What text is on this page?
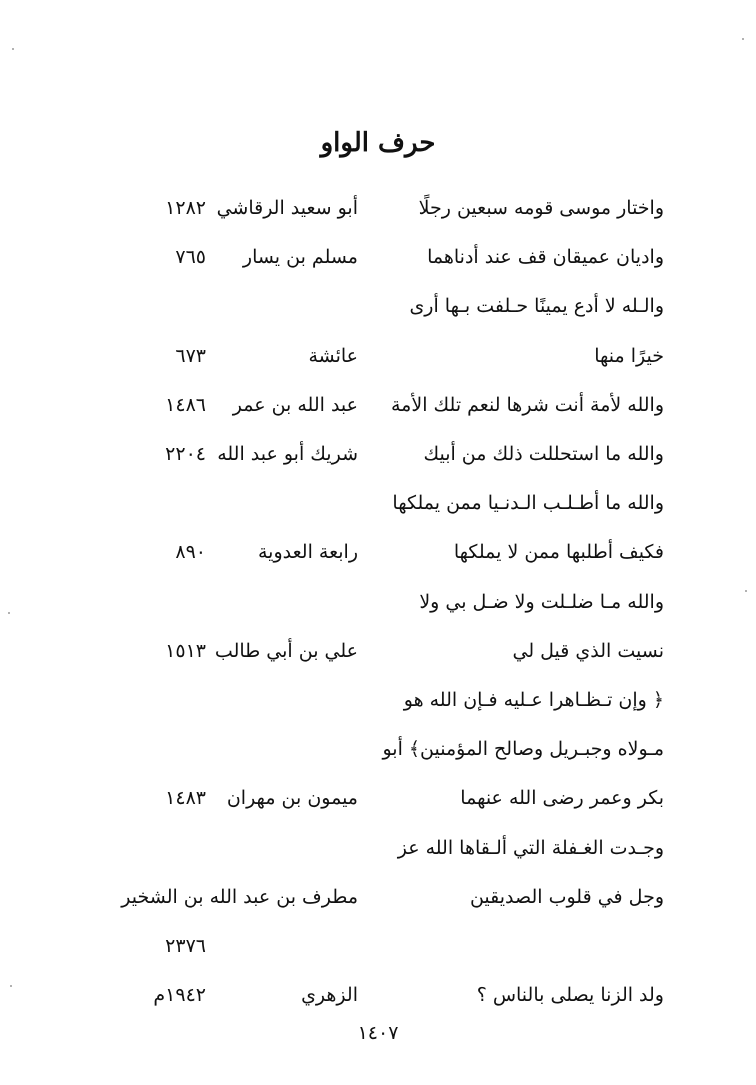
حرف الواو
واختار موسى قومه سبعين رجلًا
أبو سعيد الرقاشي
١٢٨٢
واديان عميقان قف عند أدناهما
مسلم بن يسار
٧٦٥
والـله لا أدع يمينًا حـلفت بـها أرى
خيرًا منها
عائشة
٦٧٣
والله لأمة أنت شرها لنعم تلك الأمة
عبد الله بن عمر
١٤٨٦
والله ما استحللت ذلك من أبيك
شريك أبو عبد الله
٢٢٠٤
والله ما أطـلـب الـدنـيا ممن يملكها
فكيف أطلبها ممن لا يملكها
رابعة العدوية
٨٩٠
والله مـا ضلـلت ولا ضـل بي ولا
نسيت الذي قيل لي
علي بن أبي طالب
١٥١٣
﴿ وإن تـظـاهرا عـليه فـإن الله هو
مـولاه وجبـريل وصالح المؤمنين﴾ أبو
بكر وعمر رضى الله عنهما
ميمون بن مهران
١٤٨٣
وجـدت الغـفلة التي ألـقاها الله عز
وجل في قلوب الصديقين
مطرف بن عبد الله بن الشخير
٢٣٧٦
ولد الزنا يصلى بالناس ؟
الزهري
١٩٤٢م
١٤٠٧
